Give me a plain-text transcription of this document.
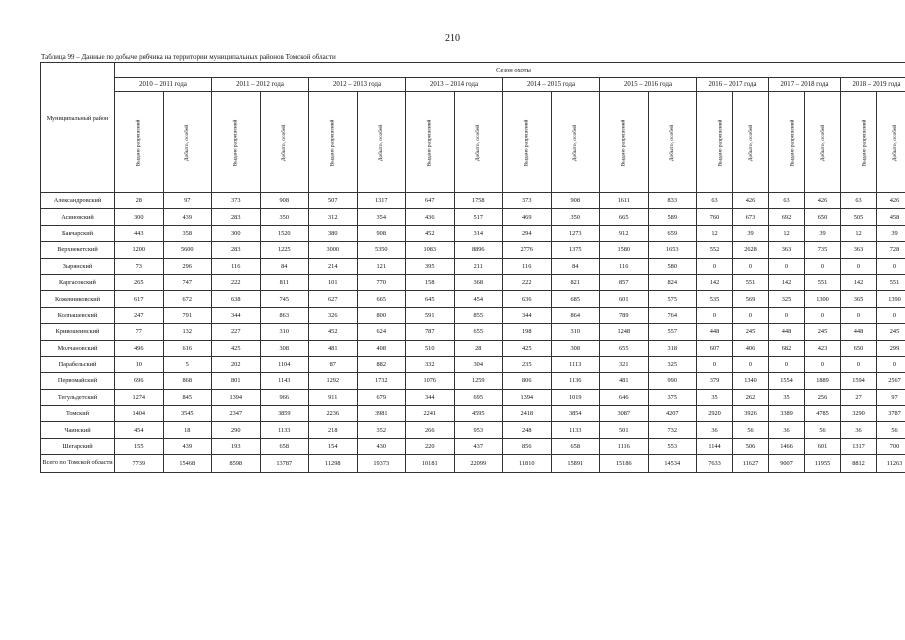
210
Таблица 99 – Данные по добыче рябчика на территории муниципальных районов Томской области
Муниципальный район	Сезон охоты																	
	2010 – 2011 года		2011 – 2012 года		2012 – 2013 года		2013 – 2014 года		2014 – 2015 года		2015 – 2016 года		2016 – 2017 года		2017 – 2018 года		2018 – 2019 года	
	Выдано разрешений	Добыто, особей	Выдано разрешений	Добыто, особей	Выдано разрешений	Добыто, особей	Выдано разрешений	Добыто, особей	Выдано разрешений	Добыто, особей	Выдано разрешений	Добыто, особей	Выдано разрешений	Добыто, особей	Выдано разрешений	Добыто, особей	Выдано разрешений	Добыто, особей
Александровский	28	97	373	908	507	1317	647	1758	373	908	1611	833	63	426	63	426	63	426
Асиновский	300	439	283	350	312	354	436	517	469	350	665	589	760	673	692	650	505	458
Бакчарский	443	358	300	1520	380	908	452	314	294	1273	912	659	12	39	12	39	12	39
Верхнекетский	1200	5600	283	1225	3000	5350	1083	8896	2776	1375	1580	1653	552	2628	363	735	363	728
Зырянский	73	296	116	84	214	121	395	211	116	84	116	580	0	0	0	0	0	0
Каргасокский	265	747	222	811	101	770	158	368	222	821	857	824	142	551	142	551	142	551
Кожевниковский	617	672	638	745	627	665	645	454	636	685	601	575	535	569	325	1300	365	1390
Колпашевский	247	791	344	863	326	800	591	855	344	864	789	764	0	0	0	0	0	0
Кривошеинский	77	132	227	310	452	624	787	655	198	310	1248	557	448	245	448	245	448	245
Молчановский	496	616	425	308	481	408	510	28	425	308	655	318	607	406	682	423	650	299
Парабельский	10	5	202	1104	87	882	332	304	235	1113	321	325	0	0	0	0	0	0
Первомайский	696	868	801	1143	1292	1732	1076	1259	806	1136	481	990	379	1340	1554	1889	1594	2567
Тегульдетский	1274	845	1394	966	911	679	344	695	1394	1019	646	375	35	262	35	256	27	97
Томский	1404	3545	2347	3859	2236	3981	2241	4595	2418	3854	3087	4207	2920	3926	3389	4785	3290	3787
Чаинский	454	18	290	1133	218	352	266	953	248	1133	501	732	36	56	36	56	36	56
Шегарский	155	439	193	658	154	430	220	437	856	658	1116	553	1144	506	1466	601	1317	700
Всего по Томской области	7739	15468	8598	13787	11298	19373	10181	22099	11810	15891	15186	14534	7633	11627	9007	11955	8812	11263
